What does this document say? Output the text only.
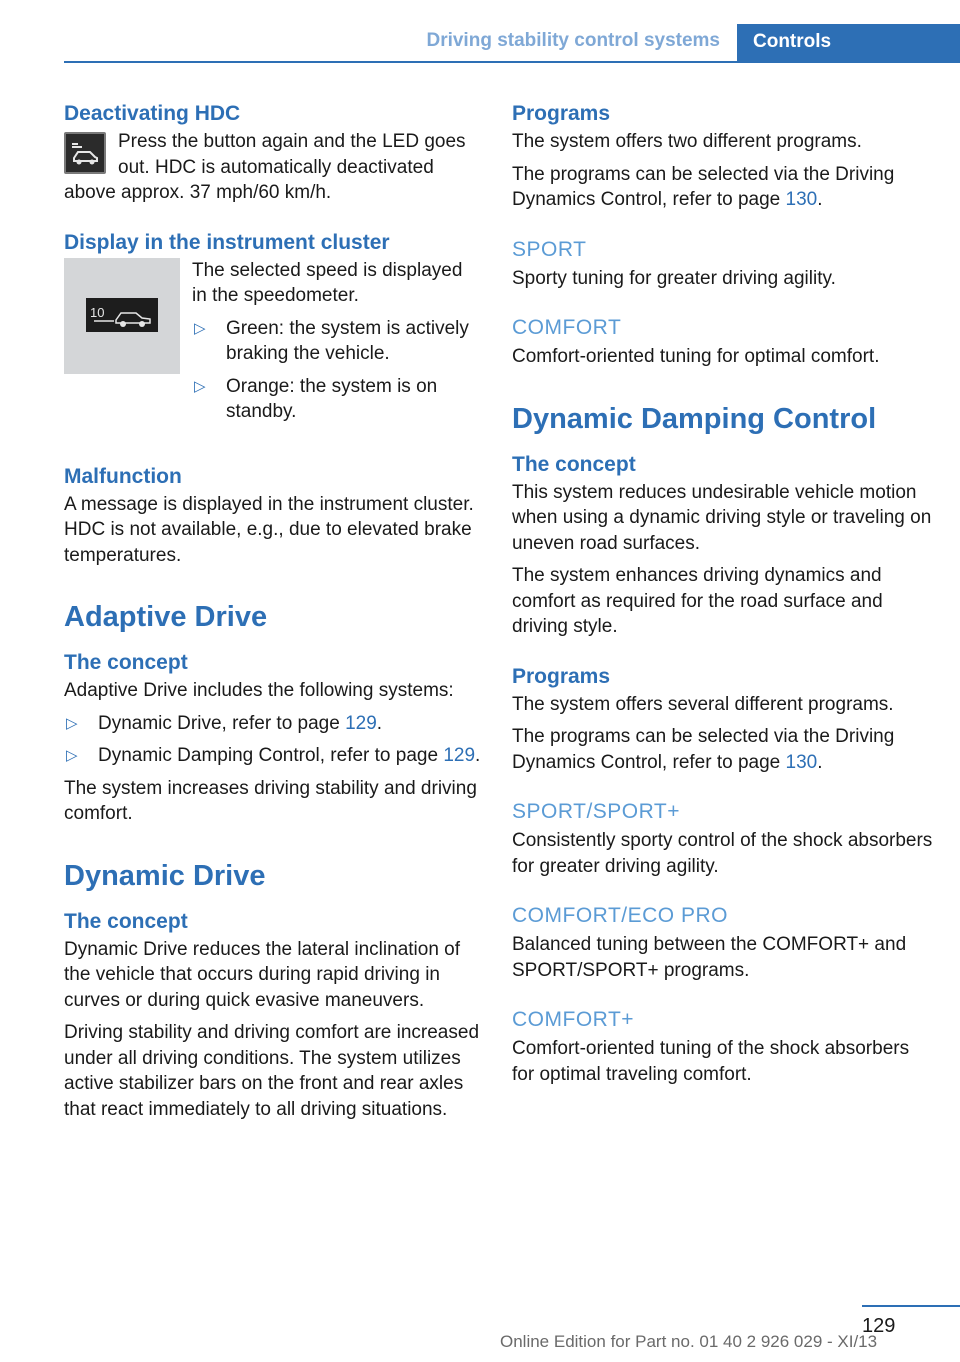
Driving stability control systems Controls
Deactivating HDC

Press the button again and the LED goes out. HDC is automatically deactivated above approx. 37 mph/60 km/h.

Display in the instrument cluster
10

The selected speed is displayed in the speedometer.

▷ Green: the system is actively braking the vehicle.
▷ Orange: the system is on standby.
Malfunction

A message is displayed in the instrument cluster. HDC is not available, e.g., due to elevated brake temperatures.

Adaptive Drive
The concept

Adaptive Drive includes the following systems:

▷ Dynamic Drive, refer to page 129.
▷ Dynamic Damping Control, refer to page 129.

The system increases driving stability and driving comfort.

Dynamic Drive
The concept

Dynamic Drive reduces the lateral inclination of the vehicle that occurs during rapid driving in curves or during quick evasive maneuvers.

Driving stability and driving comfort are increased under all driving conditions. The system utilizes active stabilizer bars on the front and rear axles that react immediately to all driving situations.

Programs

The system offers two different programs.

The programs can be selected via the Driving Dynamics Control, refer to page 130.

SPORT

Sporty tuning for greater driving agility.

COMFORT

Comfort-oriented tuning for optimal comfort.

Dynamic Damping Control
The concept

This system reduces undesirable vehicle motion when using a dynamic driving style or traveling on uneven road surfaces.

The system enhances driving dynamics and comfort as required for the road surface and driving style.

Programs

The system offers several different programs.

The programs can be selected via the Driving Dynamics Control, refer to page 130.

SPORT/SPORT+

Consistently sporty control of the shock absorbers for greater driving agility.

COMFORT/ECO PRO

Balanced tuning between the COMFORT+ and SPORT/SPORT+ programs.

COMFORT+

Comfort-oriented tuning of the shock absorbers for optimal traveling comfort.

129
Online Edition for Part no. 01 40 2 926 029 - XI/13
